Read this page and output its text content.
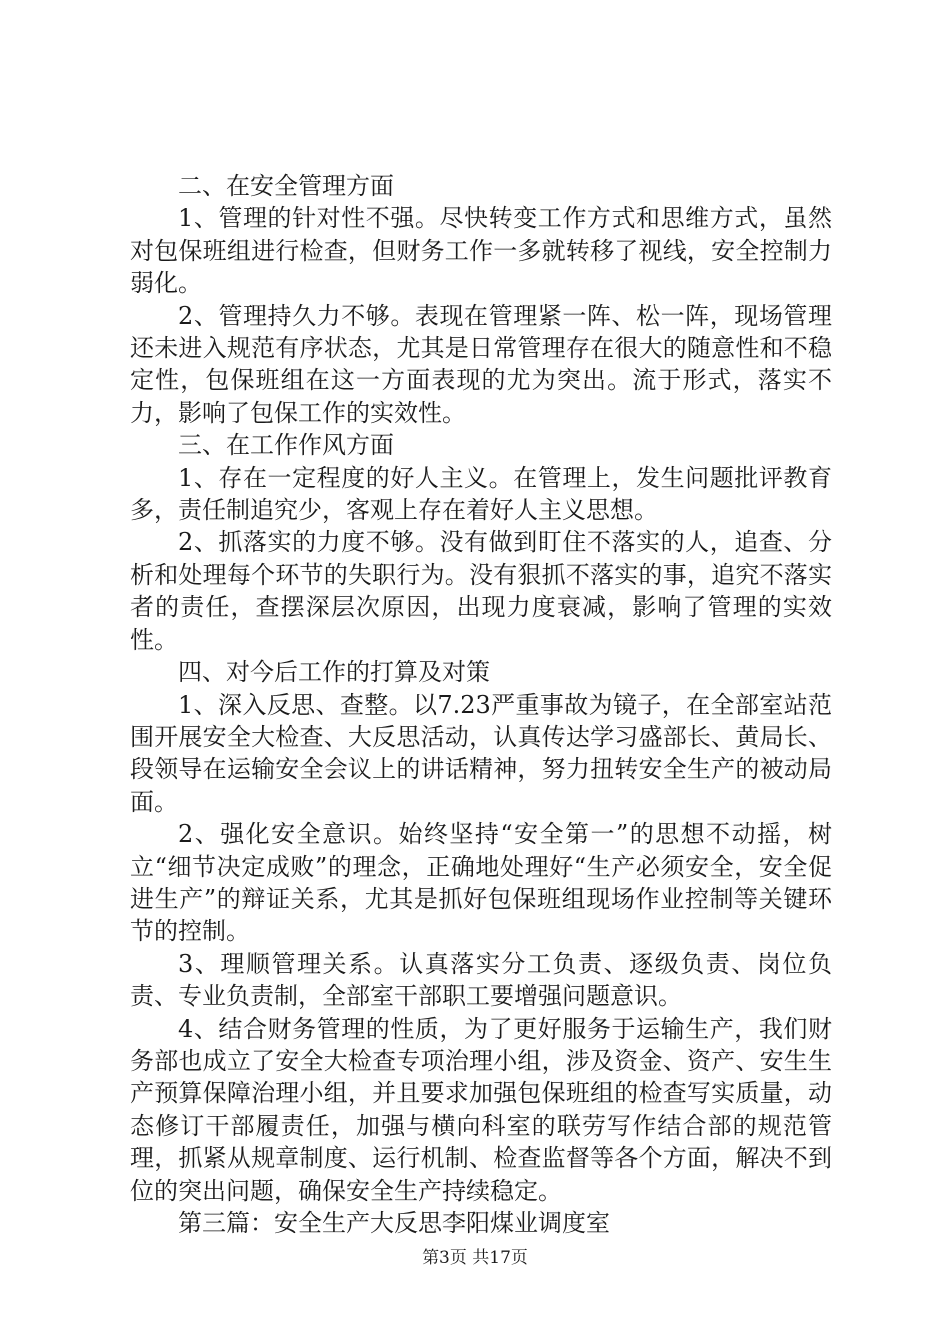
二、在安全管理方面

1、管理的针对性不强。尽快转变工作方式和思维方式，虽然对包保班组进行检查，但财务工作一多就转移了视线，安全控制力弱化。

2、管理持久力不够。表现在管理紧一阵、松一阵，现场管理还未进入规范有序状态，尤其是日常管理存在很大的随意性和不稳定性，包保班组在这一方面表现的尤为突出。流于形式，落实不力，影响了包保工作的实效性。

三、在工作作风方面

1、存在一定程度的好人主义。在管理上，发生问题批评教育多，责任制追究少，客观上存在着好人主义思想。

2、抓落实的力度不够。没有做到盯住不落实的人，追查、分析和处理每个环节的失职行为。没有狠抓不落实的事，追究不落实者的责任，查摆深层次原因，出现力度衰减，影响了管理的实效性。

四、对今后工作的打算及对策

1、深入反思、查整。以7.23严重事故为镜子，在全部室站范围开展安全大检查、大反思活动，认真传达学习盛部长、黄局长、段领导在运输安全会议上的讲话精神，努力扭转安全生产的被动局面。

2、强化安全意识。始终坚持“安全第一”的思想不动摇，树立“细节决定成败”的理念，正确地处理好“生产必须安全，安全促进生产”的辩证关系，尤其是抓好包保班组现场作业控制等关键环节的控制。

3、理顺管理关系。认真落实分工负责、逐级负责、岗位负责、专业负责制，全部室干部职工要增强问题意识。

4、结合财务管理的性质，为了更好服务于运输生产，我们财务部也成立了安全大检查专项治理小组，涉及资金、资产、安生生产预算保障治理小组，并且要求加强包保班组的检查写实质量，动态修订干部履责任，加强与横向科室的联劳写作结合部的规范管理，抓紧从规章制度、运行机制、检查监督等各个方面，解决不到位的突出问题，确保安全生产持续稳定。

第三篇：安全生产大反思李阳煤业调度室

第3页 共17页
